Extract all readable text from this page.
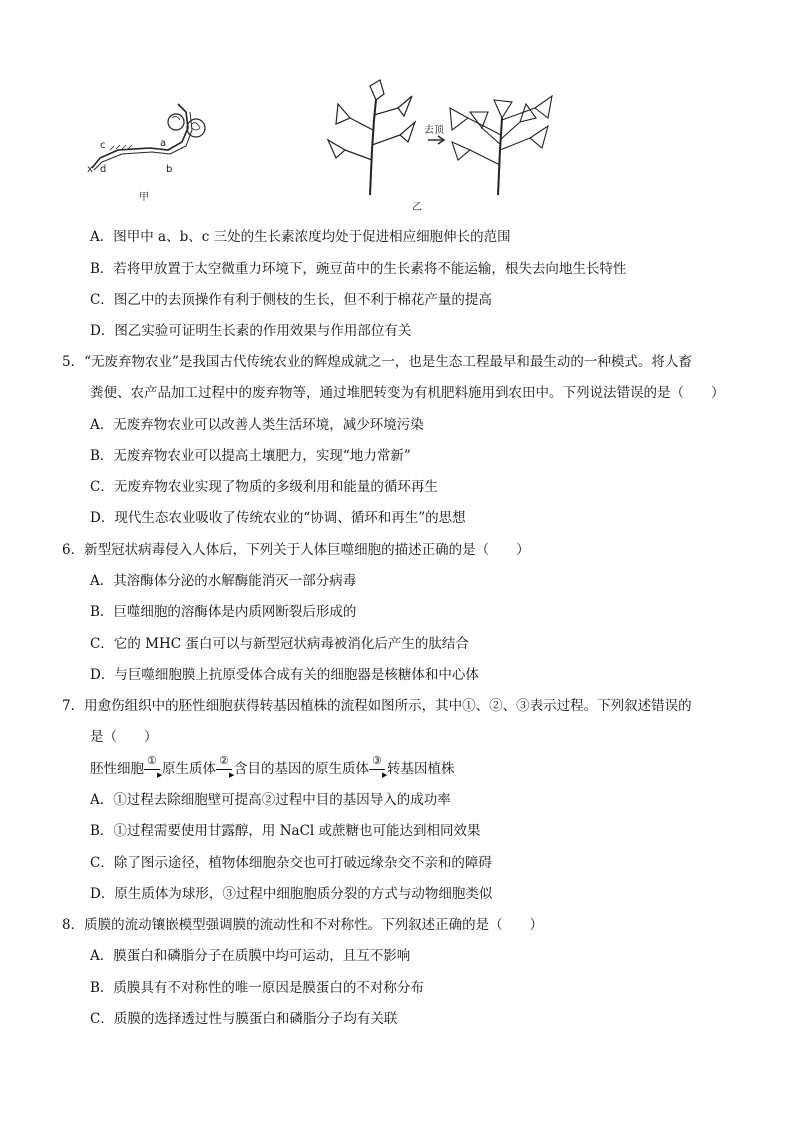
c
x d
a
b
甲
去顶
乙
A．图甲中 a、b、c 三处的生长素浓度均处于促进相应细胞伸长的范围
B．若将甲放置于太空微重力环境下，豌豆苗中的生长素将不能运输，根失去向地生长特性
C．图乙中的去顶操作有利于侧枝的生长，但不利于棉花产量的提高
D．图乙实验可证明生长素的作用效果与作用部位有关
5．“无废弃物农业”是我国古代传统农业的辉煌成就之一，也是生态工程最早和最生动的一种模式。将人畜
粪便、农产品加工过程中的废弃物等，通过堆肥转变为有机肥料施用到农田中。下列说法错误的是（　　）
A．无废弃物农业可以改善人类生活环境，减少环境污染
B．无废弃物农业可以提高土壤肥力，实现“地力常新”
C．无废弃物农业实现了物质的多级利用和能量的循环再生
D．现代生态农业吸收了传统农业的“协调、循环和再生”的思想
6．新型冠状病毒侵入人体后，下列关于人体巨噬细胞的描述正确的是（　　）
A．其溶酶体分泌的水解酶能消灭一部分病毒
B．巨噬细胞的溶酶体是内质网断裂后形成的
C．它的 MHC 蛋白可以与新型冠状病毒被消化后产生的肽结合
D．与巨噬细胞膜上抗原受体合成有关的细胞器是核糖体和中心体
7．用愈伤组织中的胚性细胞获得转基因植株的流程如图所示，其中①、②、③表示过程。下列叙述错误的
是（　　）
胚性细胞①
▶ 原生质体②
▶ 含目的基因的原生质体③
▶ 转基因植株
A．①过程去除细胞壁可提高②过程中目的基因导入的成功率
B．①过程需要使用甘露醇，用 NaCl 或蔗糖也可能达到相同效果
C．除了图示途径，植物体细胞杂交也可打破远缘杂交不亲和的障碍
D．原生质体为球形，③过程中细胞胞质分裂的方式与动物细胞类似
8．质膜的流动镶嵌模型强调膜的流动性和不对称性。下列叙述正确的是（　　）
A．膜蛋白和磷脂分子在质膜中均可运动，且互不影响
B．质膜具有不对称性的唯一原因是膜蛋白的不对称分布
C．质膜的选择透过性与膜蛋白和磷脂分子均有关联
